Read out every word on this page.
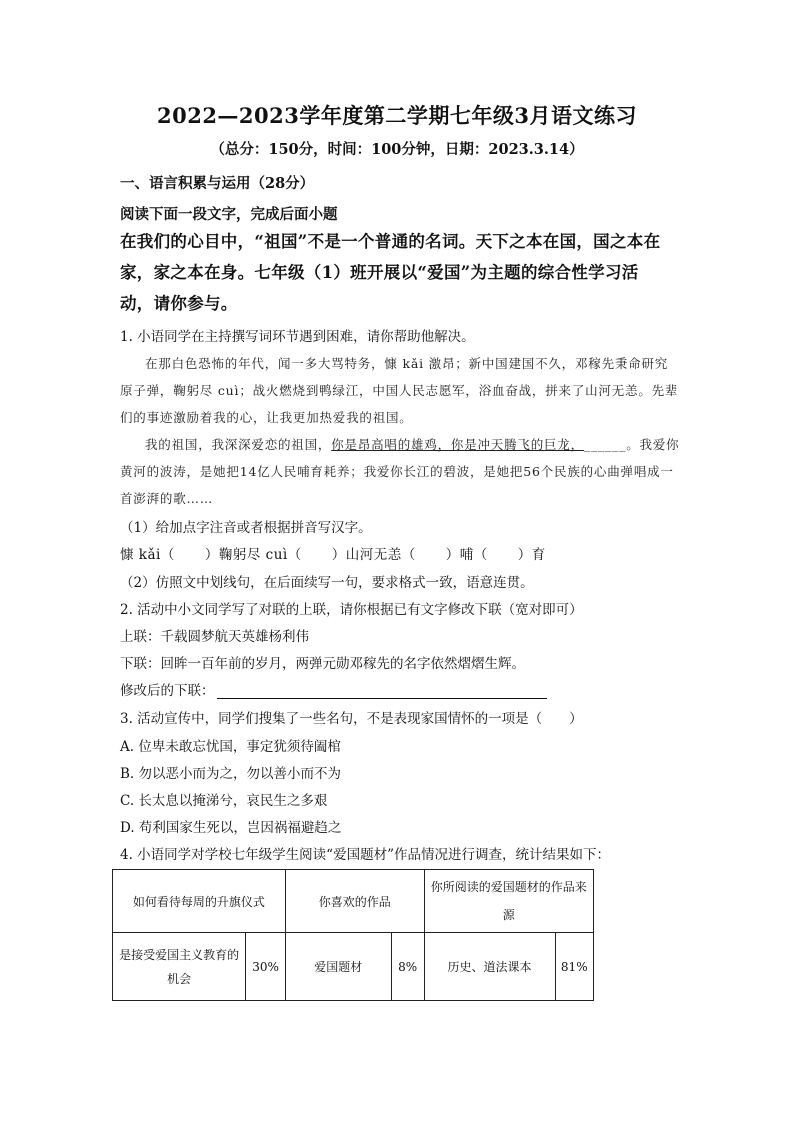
2022—2023学年度第二学期七年级3月语文练习
（总分：150分，时间：100分钟，日期：2023.3.14）
一、语言积累与运用（28分）
阅读下面一段文字，完成后面小题
在我们的心目中，“祖国”不是一个普通的名词。天下之本在国，国之本在家，家之本在身。七年级（1）班开展以“爱国”为主题的综合性学习活动，请你参与。
1. 小语同学在主持撰写词环节遇到困难，请你帮助他解决。

在那白色恐怖的年代，闻一多大骂特务，慷 kǎi 激昂；新中国建国不久，邓稼先秉命研究原子弹，鞠躬尽 cuì；战火燃烧到鸭绿江，中国人民志愿军，浴血奋战，拼来了山河无恙。先辈们的事迹激励着我的心，让我更加热爱我的祖国。

我的祖国，我深深爱恋的祖国，你是昂高唱的雄鸡，你是冲天腾飞的巨龙，______。我爱你黄河的波涛，是她把14亿人民哺育耗养；我爱你长江的碧波，是她把56个民族的心曲弹唱成一首澎湃的歌……

（1）给加点字注音或者根据拼音写汉字。
慷 kǎi（ ）鞠躬尽 cuì（ ）山河无恙（ ）哺（ ）育
（2）仿照文中划线句，在后面续写一句，要求格式一致，语意连贯。
2. 活动中小文同学写了对联的上联，请你根据已有文字修改下联（宽对即可）
上联：千载圆梦航天英雄杨利伟
下联：回眸一百年前的岁月，两弹元勋邓稼先的名字依然熠熠生辉。
修改后的下联：
3. 活动宣传中，同学们搜集了一些名句，不是表现家国情怀的一项是（　　）
A. 位卑未敢忘忧国，事定犹须待阖棺
B. 勿以恶小而为之，勿以善小而不为
C. 长太息以掩涕兮，哀民生之多艰
D. 苟利国家生死以，岂因祸福避趋之
4. 小语同学对学校七年级学生阅读“爱国题材”作品情况进行调查，统计结果如下：
如何看待每周的升旗仪式		你喜欢的作品		你所阅读的爱国题材的作品来源	
是接受爱国主义教育的机会	30%	爱国题材	8%	历史、道法课本	81%
